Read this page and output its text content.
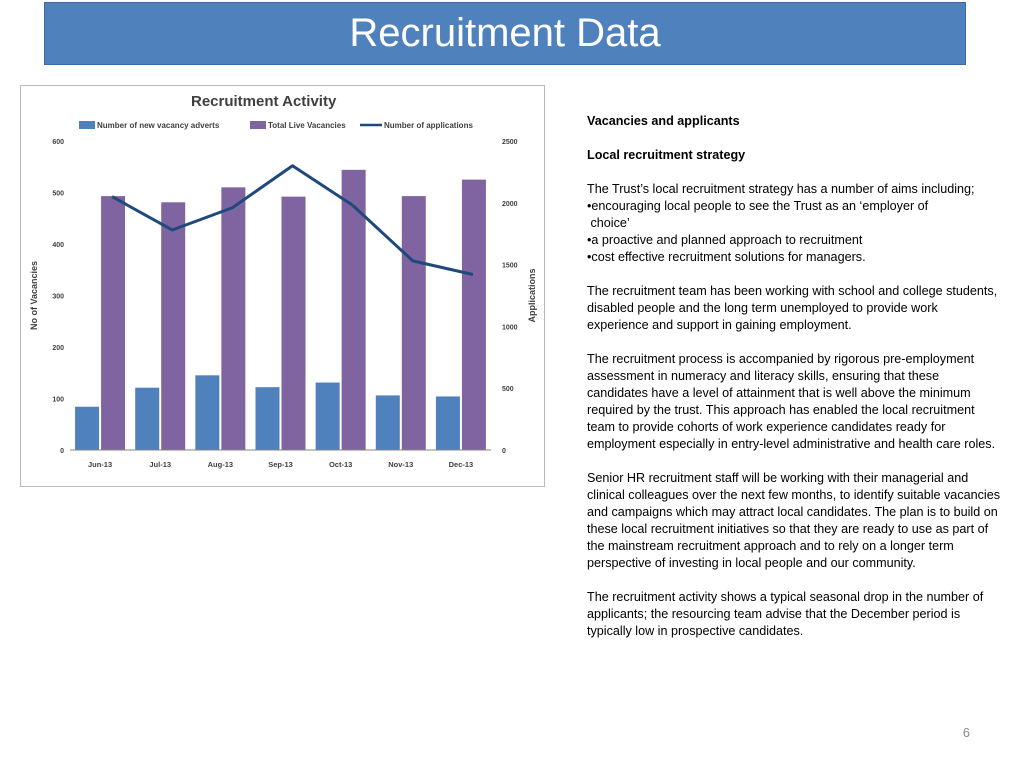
Recruitment Data
Recruitment Activity
Number of new vacancy adverts	Total Live Vacancies	Number of applications
0
100
200
300
400
500
600
0
500
1000
1500
2000
2500
No of Vacancies	Applications
Jun-13	Jul-13	Aug-13	Sep-13	Oct-13	Nov-13	Dec-13

Vacancies and applicants

Local recruitment strategy

The Trust’s local recruitment strategy has a number of aims including;

•encouraging local people to see the Trust as an ‘employer of

choice’

•a proactive and planned approach to recruitment

•cost effective recruitment solutions for managers.

The recruitment team has been working with school and college students, disabled people and the long term unemployed to provide work experience and support in gaining employment.

The recruitment process is accompanied by rigorous pre-employment assessment in numeracy and literacy skills, ensuring that these candidates have a level of attainment that is well above the minimum required by the trust. This approach has enabled the local recruitment team to provide cohorts of work experience candidates ready for employment especially in entry-level administrative and health care roles.

Senior HR recruitment staff will be working with their managerial and clinical colleagues over the next few months, to identify suitable vacancies and campaigns which may attract local candidates. The plan is to build on these local recruitment initiatives so that they are ready to use as part of the mainstream recruitment approach and to rely on a longer term perspective of investing in local people and our community.

The recruitment activity shows a typical seasonal drop in the number of applicants; the resourcing team advise that the December period is typically low in prospective candidates.

6
